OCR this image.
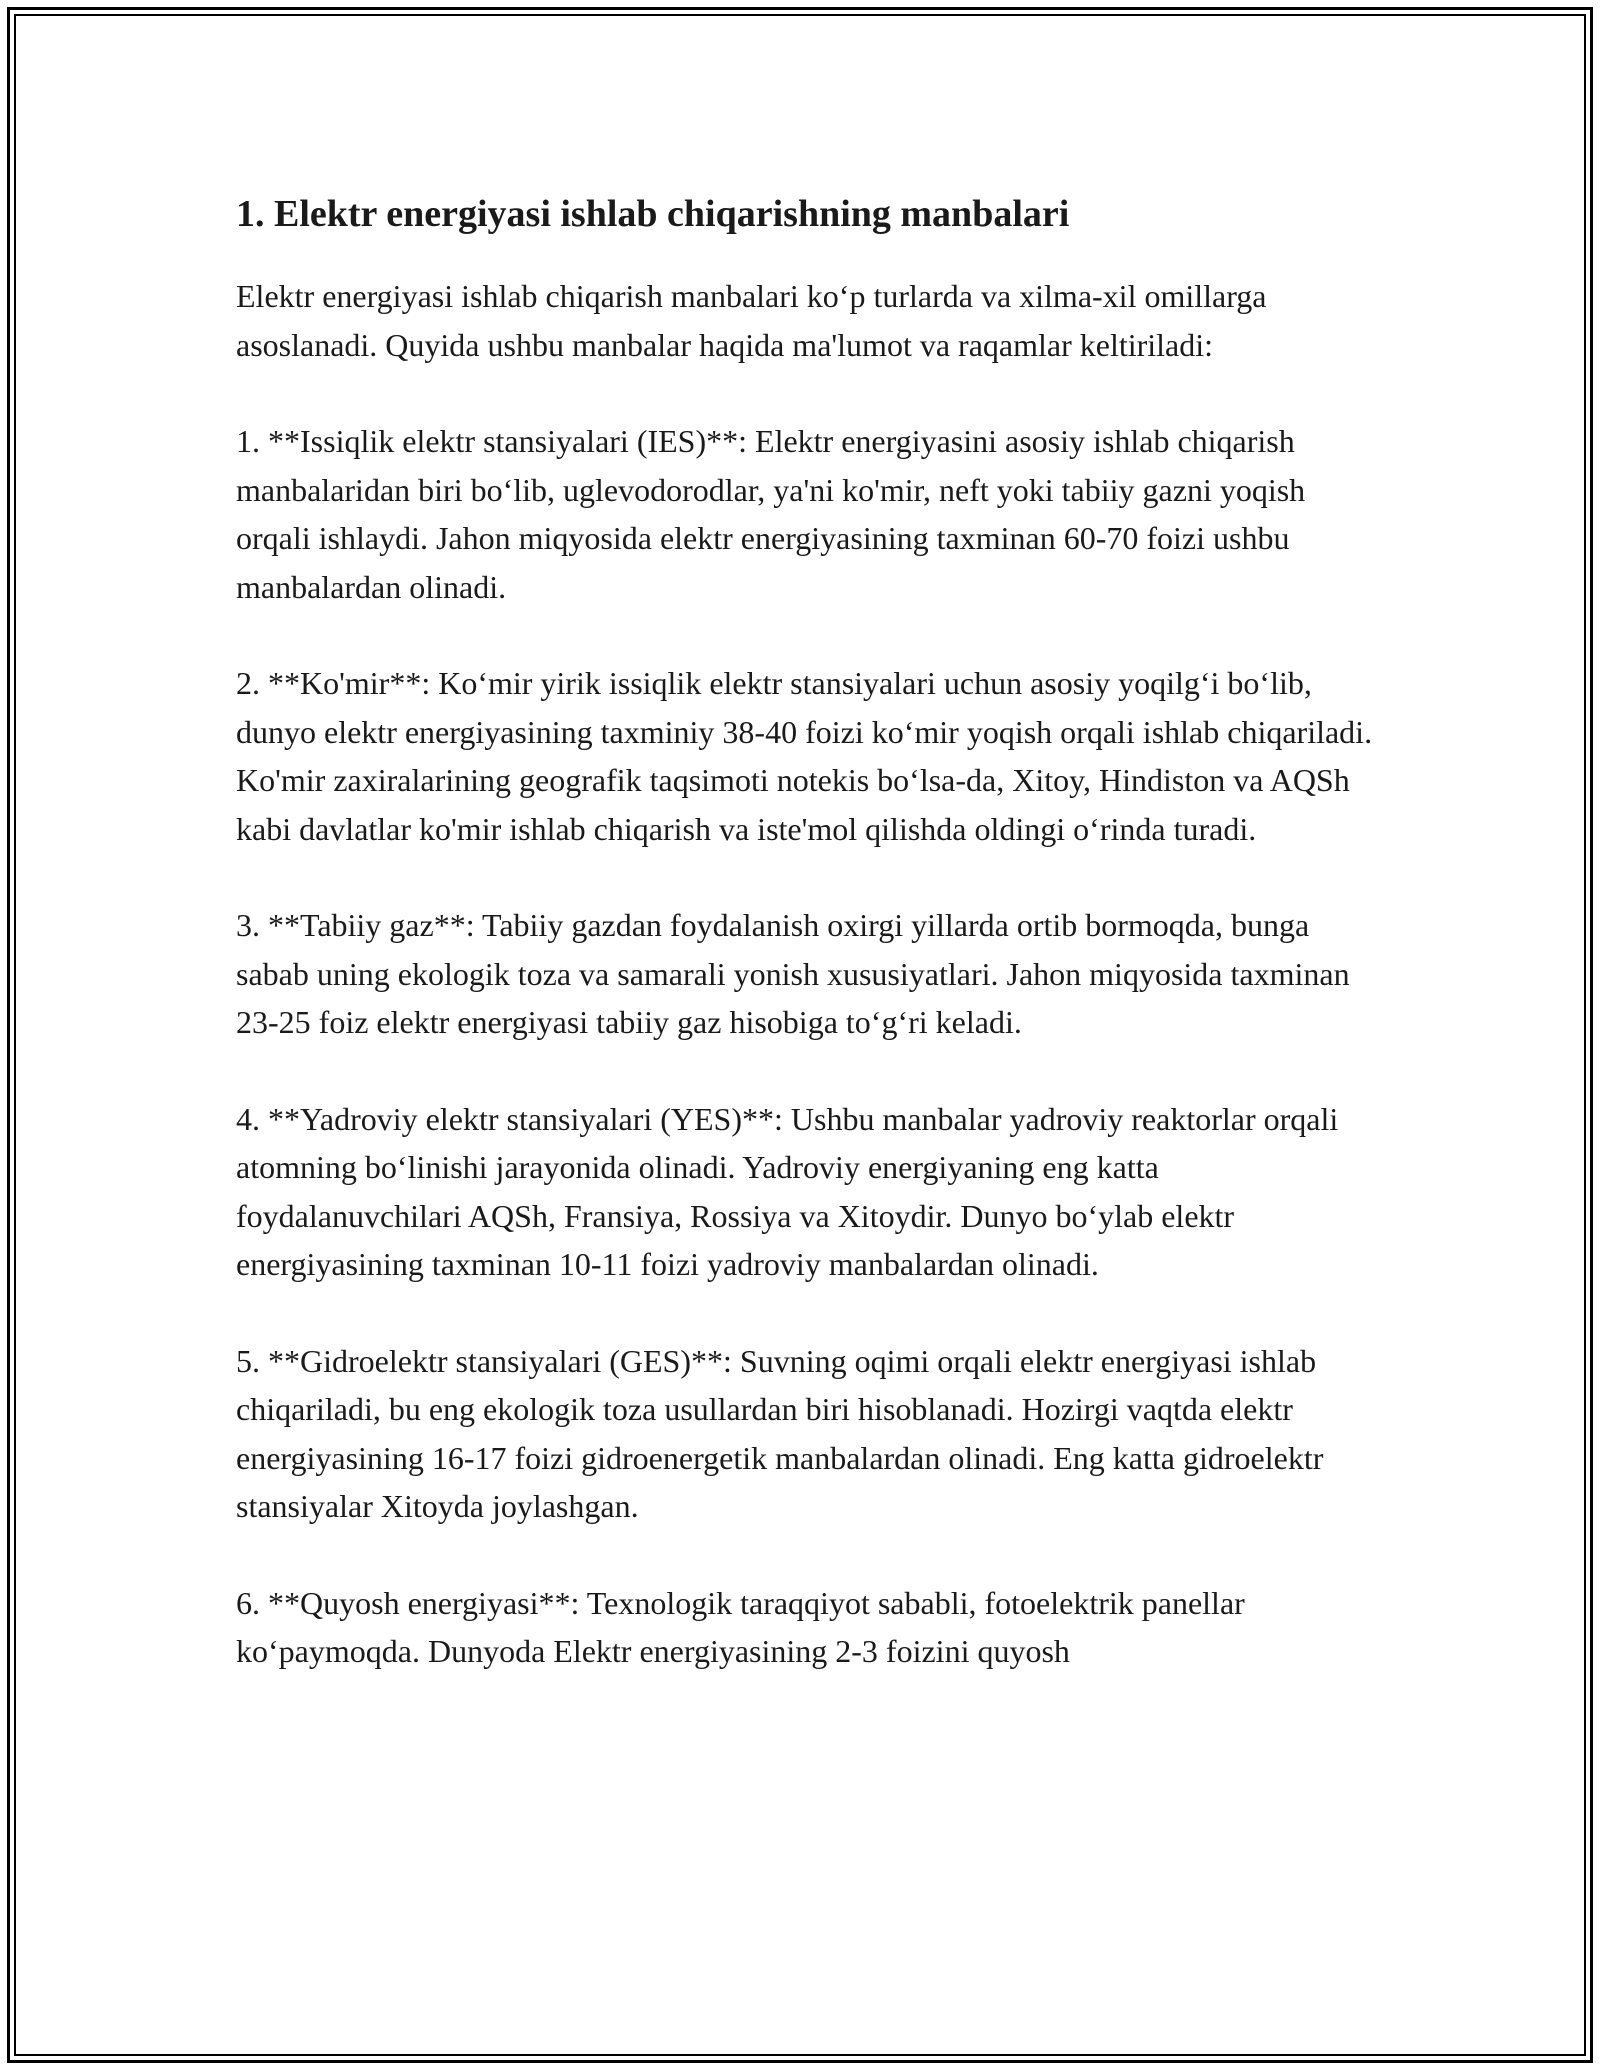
1. Elektr energiyasi ishlab chiqarishning manbalari

Elektr energiyasi ishlab chiqarish manbalari ko‘p turlarda va xilma-xil omillarga asoslanadi. Quyida ushbu manbalar haqida ma'lumot va raqamlar keltiriladi:

1. **Issiqlik elektr stansiyalari (IES)**: Elektr energiyasini asosiy ishlab chiqarish manbalaridan biri bo‘lib, uglevodorodlar, ya'ni ko'mir, neft yoki tabiiy gazni yoqish orqali ishlaydi. Jahon miqyosida elektr energiyasining taxminan 60-70 foizi ushbu manbalardan olinadi.

2. **Ko'mir**: Ko‘mir yirik issiqlik elektr stansiyalari uchun asosiy yoqilg‘i bo‘lib, dunyo elektr energiyasining taxminiy 38-40 foizi ko‘mir yoqish orqali ishlab chiqariladi. Ko'mir zaxiralarining geografik taqsimoti notekis bo‘lsa-da, Xitoy, Hindiston va AQSh kabi davlatlar ko'mir ishlab chiqarish va iste'mol qilishda oldingi o‘rinda turadi.

3. **Tabiiy gaz**: Tabiiy gazdan foydalanish oxirgi yillarda ortib bormoqda, bunga sabab uning ekologik toza va samarali yonish xususiyatlari. Jahon miqyosida taxminan 23-25 foiz elektr energiyasi tabiiy gaz hisobiga to‘g‘ri keladi.

4. **Yadroviy elektr stansiyalari (YES)**: Ushbu manbalar yadroviy reaktorlar orqali atomning bo‘linishi jarayonida olinadi. Yadroviy energiyaning eng katta foydalanuvchilari AQSh, Fransiya, Rossiya va Xitoydir. Dunyo bo‘ylab elektr energiyasining taxminan 10-11 foizi yadroviy manbalardan olinadi.

5. **Gidroelektr stansiyalari (GES)**: Suvning oqimi orqali elektr energiyasi ishlab chiqariladi, bu eng ekologik toza usullardan biri hisoblanadi. Hozirgi vaqtda elektr energiyasining 16-17 foizi gidroenergetik manbalardan olinadi. Eng katta gidroelektr stansiyalar Xitoyda joylashgan.

6. **Quyosh energiyasi**: Texnologik taraqqiyot sababli, fotoelektrik panellar ko‘paymoqda. Dunyoda Elektr energiyasining 2-3 foizini quyosh
